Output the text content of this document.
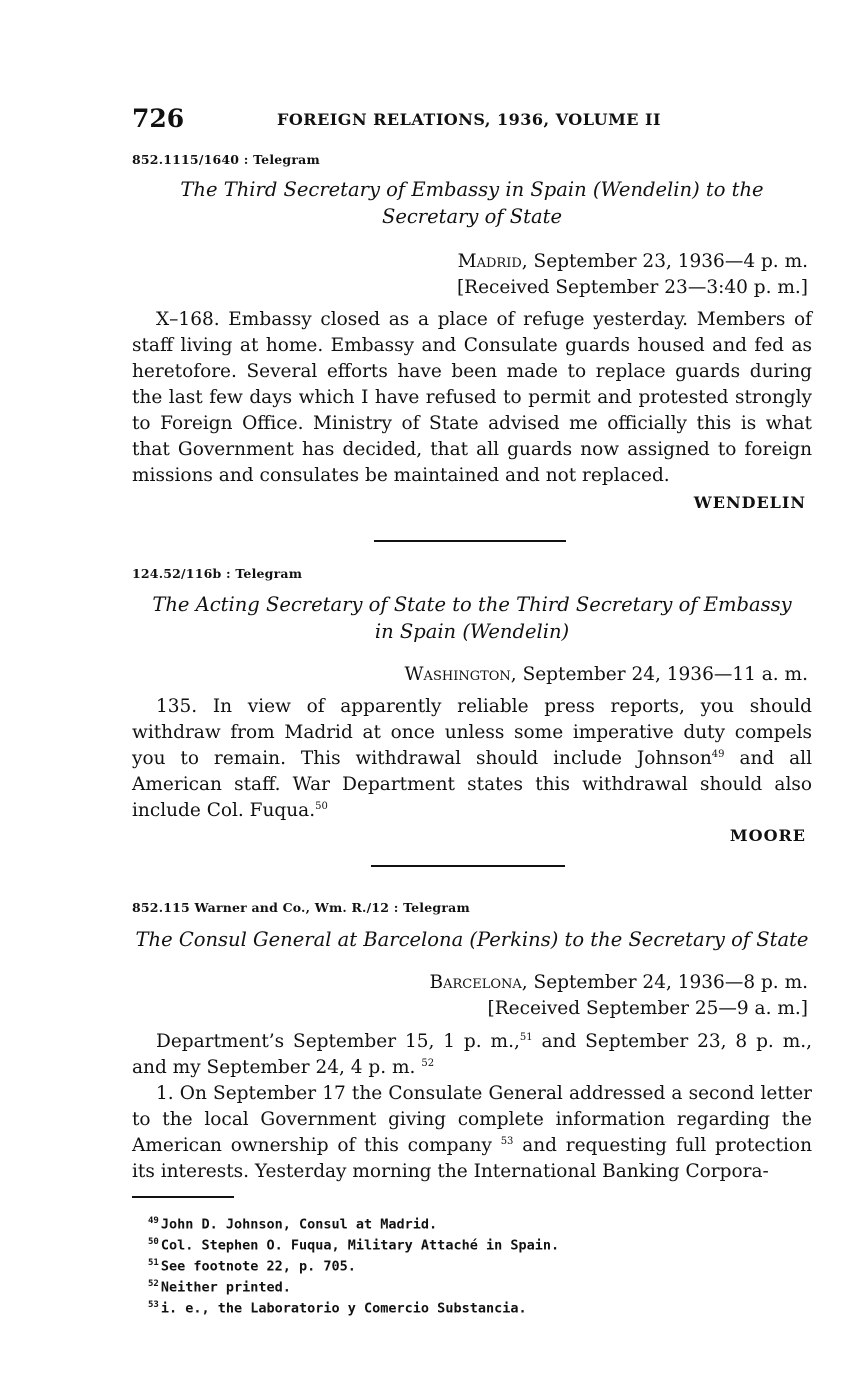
726	FOREIGN RELATIONS, 1936, VOLUME II
852.1115/1640 : Telegram
The Third Secretary of Embassy in Spain (Wendelin) to the
Secretary of State
Madrid, September 23, 1936—4 p. m.
[Received September 23—3:40 p. m.]

X–168. Embassy closed as a place of refuge yesterday. Members of staff living at home. Embassy and Consulate guards housed and fed as heretofore. Several efforts have been made to replace guards during the last few days which I have refused to permit and protested strongly to Foreign Office. Ministry of State advised me officially this is what that Government has decided, that all guards now assigned to foreign missions and consulates be maintained and not replaced.

WENDELIN
124.52/116b : Telegram
The Acting Secretary of State to the Third Secretary of Embassy
in Spain (Wendelin)
Washington, September 24, 1936—11 a. m.

135. In view of apparently reliable press reports, you should withdraw from Madrid at once unless some imperative duty compels you to remain. This withdrawal should include Johnson$^{49}$ and all American staff. War Department states this withdrawal should also include Col. Fuqua.$^{50}$

MOORE
852.115 Warner and Co., Wm. R./12 : Telegram
The Consul General at Barcelona (Perkins) to the Secretary of State
Barcelona, September 24, 1936—8 p. m.
[Received September 25—9 a. m.]

Department’s September 15, 1 p. m.,$^{51}$ and September 23, 8 p. m., and my September 24, 4 p. m. $^{52}$

1. On September 17 the Consulate General addressed a second letter to the local Government giving complete information regarding the American ownership of this company $^{53}$ and requesting full protection its interests. Yesterday morning the International Banking Corpora-

$^{49}$ John D. Johnson, Consul at Madrid.
$^{50}$ Col. Stephen O. Fuqua, Military Attaché in Spain.
$^{51}$ See footnote 22, p. 705.
$^{52}$ Neither printed.
$^{53}$ i. e., the Laboratorio y Comercio Substancia.
